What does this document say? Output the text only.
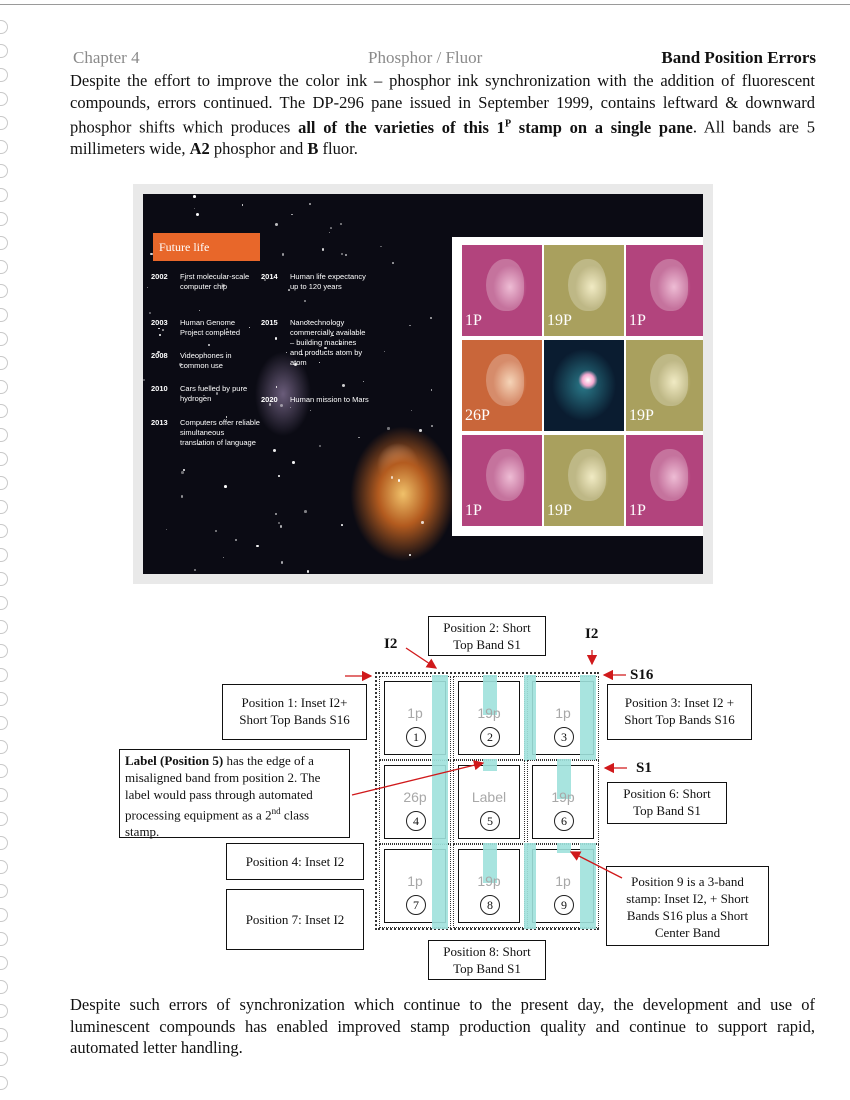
Chapter 4	Phosphor / Fluor	Band Position Errors
Despite the effort to improve the color ink – phosphor ink synchronization with the addition of fluorescent compounds, errors continued. The DP-296 pane issued in September 1999, contains leftward & downward phosphor shifts which produces all of the varieties of this $1^P$ stamp on a single pane. All bands are 5 millimeters wide, A2 phosphor and B fluor.
Future life
2002 First molecular-scale computer chip
2014 Human life expectancy up to 120 years
2003 Human Genome Project completed
2015 Nanotechnology commercially available – building machines and products atom by atom
2008 Videophones in common use
2010 Cars fuelled by pure hydrogen	2020 Human mission to Mars
2013 Computers offer reliable simultaneous translation of language
1P	19P	1P
26P	19P
1P	19P	1P
Position 2: Short Top Band S1
I2
I2
S16
S1
Position 1: Inset I2+ Short Top Bands S16
Position 3: Inset I2 + Short Top Bands S16
Label (Position 5) has the edge of a misaligned band from position 2. The label would pass through automated processing equipment as a 2nd class stamp.
Position 6: Short Top Band S1
Position 4: Inset I2
Position 7: Inset I2
Position 9 is a 3-band stamp: Inset I2, + Short Bands S16 plus a Short Center Band
Position 8: Short Top Band S1
1p
1
19p
2
1p
3
26p
4
Label
5
19p
6
1p
7
19p
8
1p
9
Despite such errors of synchronization which continue to the present day, the development and use of luminescent compounds has enabled improved stamp production quality and continue to support rapid, automated letter handling.
